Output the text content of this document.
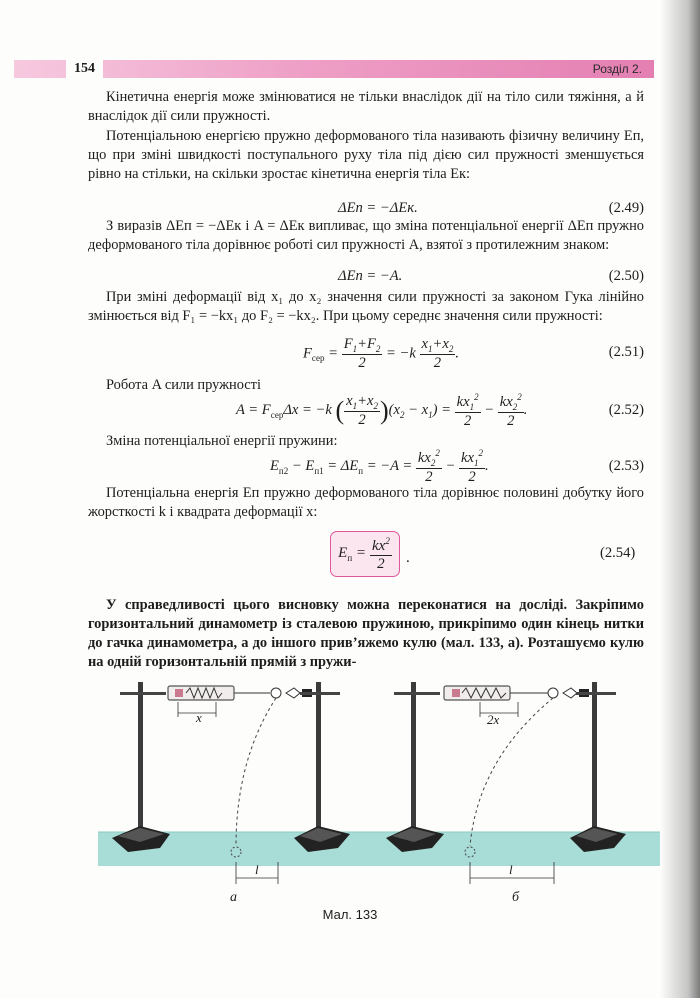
154	Розділ 2.

Кінетична енергія може змінюватися не тільки внаслідок дії на тіло сили тяжіння, а й внаслідок дії сили пружності.

Потенціальною енергією пружно деформованого тіла називають фізичну величину Eп, що при зміні швидкості поступального руху тіла під дією сил пружності зменшується рівно на стільки, на скільки зростає кінетична енергія тіла Eк:

ΔEп = −ΔEк.	(2.49)

З виразів ΔEп = −ΔEк і A = ΔEк випливає, що зміна потенціальної енергії ΔEп пружно деформованого тіла дорівнює роботі сил пружності A, взятої з протилежним знаком:

ΔEп = −A.	(2.50)

При зміні деформації від x₁ до x₂ значення сили пружності за законом Гука лінійно змінюється від F₁ = −kx₁ до F₂ = −kx₂. При цьому середнє значення сили пружності:

$F_{сер} = \frac{F_1+F_2}{2} = -k \frac{x_1+x_2}{2}$ .	(2.51)

Робота A сили пружності

$A = F_{сер}\Delta x = -k$ ( $\frac{x_1+x_2}{2} )(x_2 - x_1) = \frac{kx_1^2}{2} - \frac{kx_2^2}{2}$ .	(2.52)

Зміна потенціальної енергії пружини:

$E_{п2} - E_{п1} = \Delta E_п = -A = \frac{kx_2^2}{2} - \frac{kx_1^2}{2}$ .	(2.53)

Потенціальна енергія Eп пружно деформованого тіла дорівнює половині добутку його жорсткості k і квадрата деформації x:

$E_п = \frac{kx^2}{2}$ .	(2.54)

У справедливості цього висновку можна переконатися на досліді. Закріпимо горизонтальний динамометр із сталевою пружиною, прикріпимо один кінець нитки до гачка динамометра, а до іншого прив’яжемо кулю (мал. 133, а). Розташуємо кулю на одній горизонтальній прямій з пружи-

x	2x
l	l
а	б
Мал. 133
